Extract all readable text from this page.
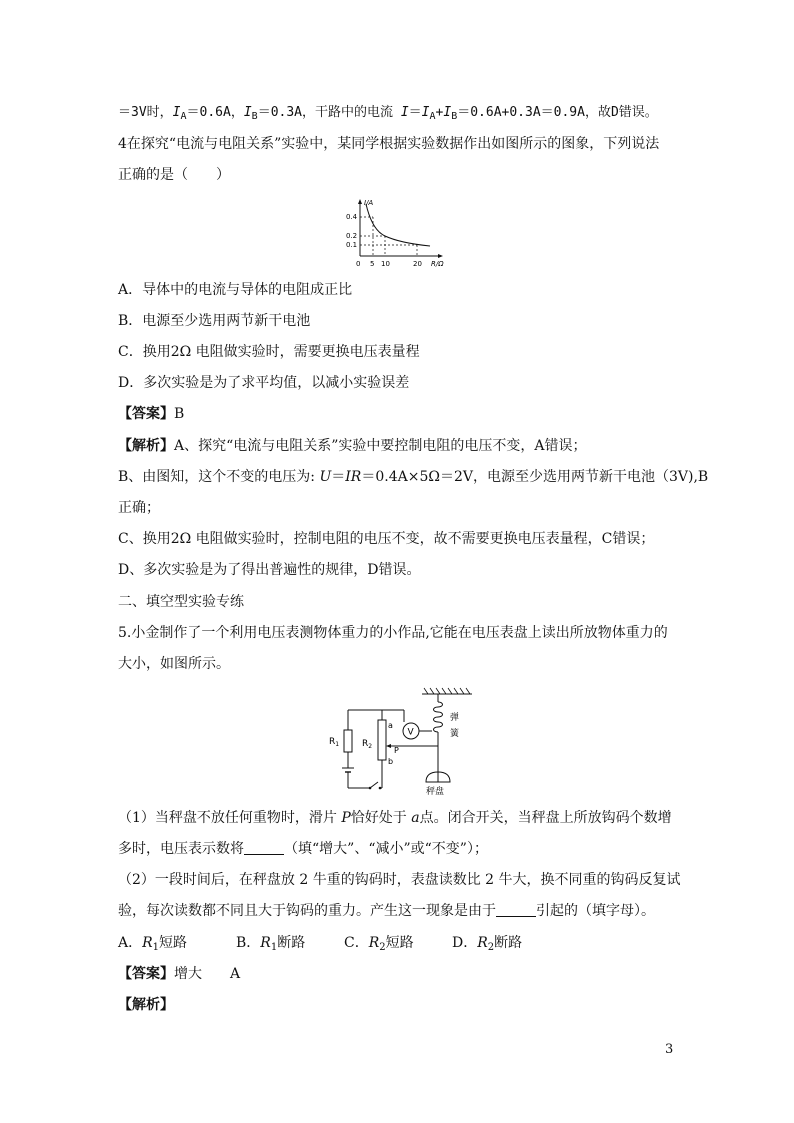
＝3V时，$I_A=0.6A$，$I_B=0.3A$，干路中的电流 $I=I_A+I_B=0.6A+0.3A=0.9A$，故D错误。
4在探究“电流与电阻关系”实验中，某同学根据实验数据作出如图所示的图象，下列说法
正确的是（　　）
I/A
R/Ω
0.4
0.2
0.1
0 5 10	20
A．导体中的电流与导体的电阻成正比
B．电源至少选用两节新干电池
C．换用2Ω 电阻做实验时，需要更换电压表量程
D．多次实验是为了求平均值，以减小实验误差
【答案】B
【解析】A、探究“电流与电阻关系”实验中要控制电阻的电压不变，A错误；
B、由图知，这个不变的电压为: U＝IR＝0.4A×5Ω＝2V，电源至少选用两节新干电池（3V),B
正确；
C、换用2Ω 电阻做实验时，控制电阻的电压不变，故不需要更换电压表量程，C错误；
D、多次实验是为了得出普遍性的规律，D错误。
二、填空型实验专练
5.小金制作了一个利用电压表测物体重力的小作品,它能在电压表盘上读出所放物体重力的
大小，如图所示。
弹
簧
秤盘
$R_1$	$R_2$
a
b
P
V
（1）当秤盘不放任何重物时，滑片 P恰好处于 a点。闭合开关，当秤盘上所放钩码个数增
多时，电压表示数将	（填“增大”、“减小”或“不变”）；
（2）一段时间后，在秤盘放 2 牛重的钩码时，表盘读数比 2 牛大，换不同重的钩码反复试
验，每次读数都不同且大于钩码的重力。产生这一现象是由于	引起的（填字母）。
A．$R_1$短路	B．$R_1$断路	C．$R_2$短路	D．$R_2$断路
【答案】增大　　A
【解析】
3
